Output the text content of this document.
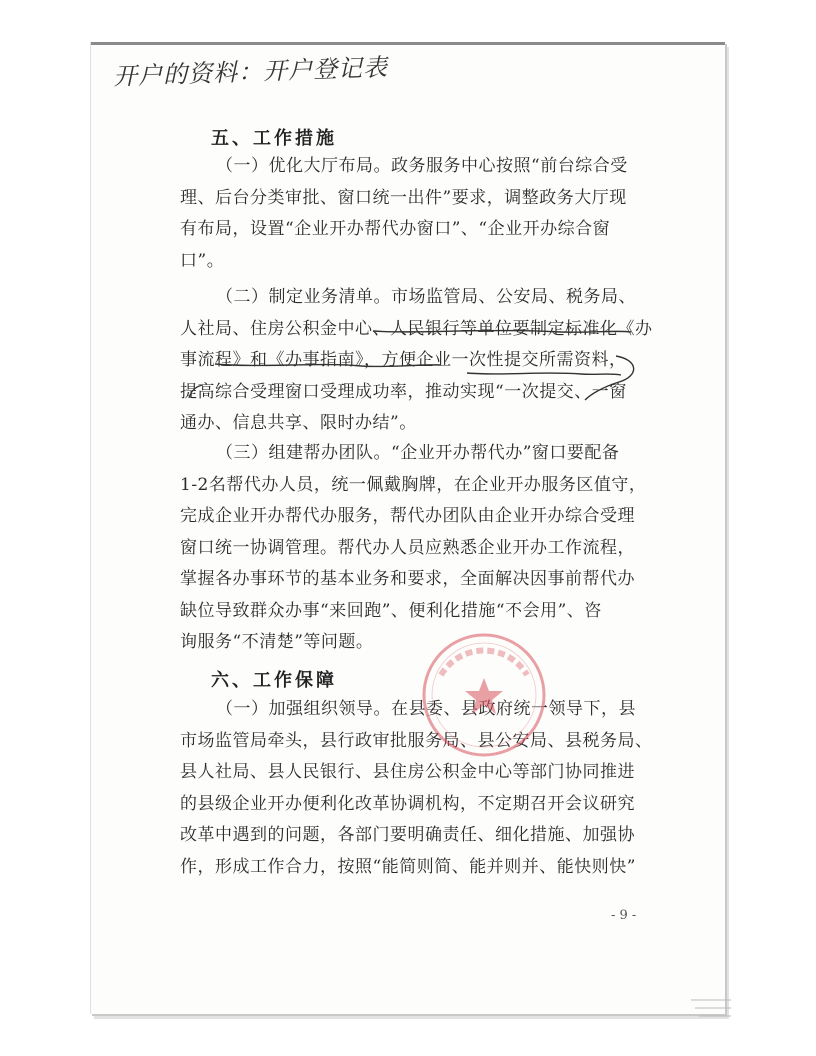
开户的资料：开户登记表
五、工作措施
（一）优化大厅布局。政务服务中心按照“前台综合受
理、后台分类审批、窗口统一出件”要求，调整政务大厅现
有布局，设置“企业开办帮代办窗口”、“企业开办综合窗
口”。
（二）制定业务清单。市场监管局、公安局、税务局、
人社局、住房公积金中心、人民银行等单位要制定标准化《办
事流程》和《办事指南》，方便企业一次性提交所需资料，
提高综合受理窗口受理成功率，推动实现“一次提交、一窗
通办、信息共享、限时办结”。
（三）组建帮办团队。“企业开办帮代办”窗口要配备
1-2名帮代办人员，统一佩戴胸牌，在企业开办服务区值守，
完成企业开办帮代办服务，帮代办团队由企业开办综合受理
窗口统一协调管理。帮代办人员应熟悉企业开办工作流程，
掌握各办事环节的基本业务和要求，全面解决因事前帮代办
缺位导致群众办事“来回跑”、便利化措施“不会用”、咨
询服务“不清楚”等问题。
六、工作保障
（一）加强组织领导。在县委、县政府统一领导下，县
市场监管局牵头，县行政审批服务局、县公安局、县税务局、
县人社局、县人民银行、县住房公积金中心等部门协同推进
的县级企业开办便利化改革协调机构，不定期召开会议研究
改革中遇到的问题，各部门要明确责任、细化措施、加强协
作，形成工作合力，按照“能简则简、能并则并、能快则快”
- 9 -
